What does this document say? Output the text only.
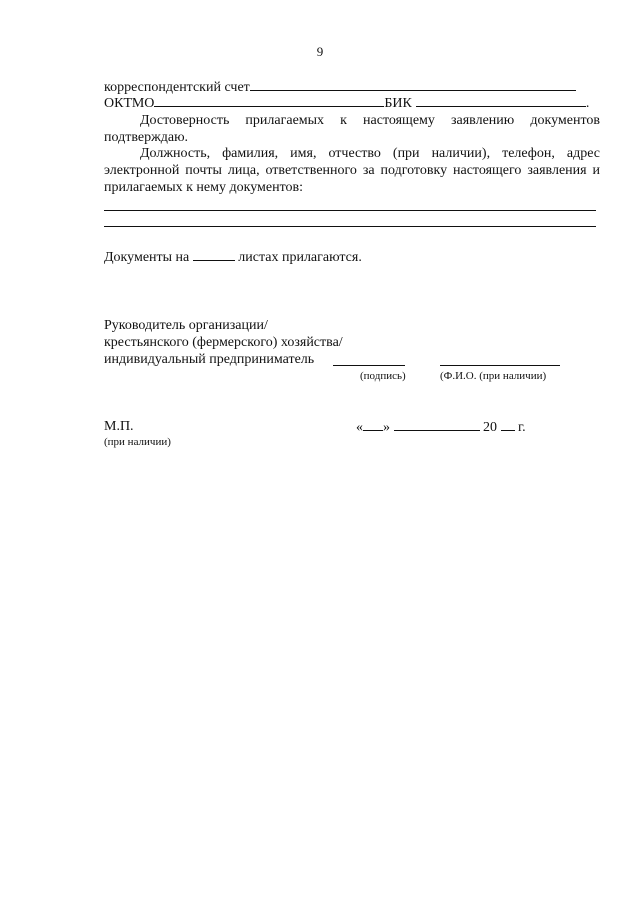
9
корреспондентский счет
ОКТМО	БИК	.
Достоверность прилагаемых к настоящему заявлению документов подтверждаю.
Должность, фамилия, имя, отчество (при наличии), телефон, адрес электронной почты лица, ответственного за подготовку настоящего заявления и прилагаемых к нему документов:
Документы на	листах прилагаются.
Руководитель организации/
крестьянского (фермерского) хозяйства/
индивидуальный предприниматель
(подпись)	(Ф.И.О. (при наличии)
М.П.
(при наличии)
« »	20 г.
